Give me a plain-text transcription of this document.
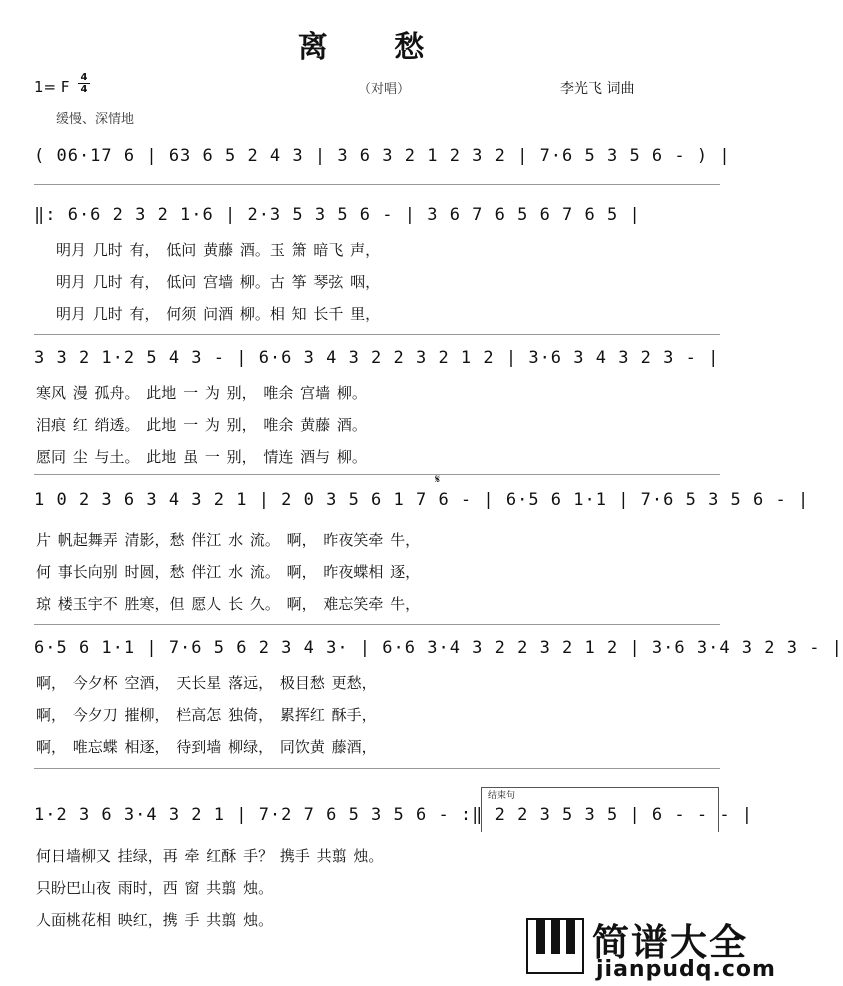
离 愁
1= F
4
4	（对唱）	李光飞 词曲
缓慢、深情地
( 06·17 6 | 63 6 5 2 4 3 | 3 6 3 2 1 2 3 2 | 7·6 5 3 5 6 - ) |
‖: 6·6 2 3 2 1·6 | 2·3 5 3 5 6 - | 3 6 7 6 5 6 7 6 5 |
明月 几时 有， 低问 黄藤 酒。玉 箫 暗飞 声，
明月 几时 有， 低问 宫墙 柳。古 筝 琴弦 咽，
明月 几时 有， 何须 问酒 柳。相 知 长千 里，
3 3 2 1·2 5 4 3 - | 6·6 3 4 3 2 2 3 2 1 2 | 3·6 3 4 3 2 3 - |
寒风 漫 孤舟。 此地 一 为 别， 唯余 宫墙 柳。
泪痕 红 绡透。 此地 一 为 别， 唯余 黄藤 酒。
愿同 尘 与土。 此地 虽 一 别， 情连 酒与 柳。
𝄋
1 0 2 3 6 3 4 3 2 1 | 2 0 3 5 6 1 7 6 - | 6·5 6 1·1 | 7·6 5 3 5 6 - |
片 帆起舞弄 清影，愁 伴江 水 流。 啊， 昨夜笑牵 牛，
何 事长向别 时圆，愁 伴江 水 流。 啊， 昨夜蝶相 逐，
琼 楼玉宇不 胜寒，但 愿人 长 久。 啊， 难忘笑牵 牛，
6·5 6 1·1 | 7·6 5 6 2 3 4 3· | 6·6 3·4 3 2 2 3 2 1 2 | 3·6 3·4 3 2 3 - |
啊， 今夕杯 空酒， 天长星 落远， 极目愁 更愁，
啊， 今夕刀 摧柳， 栏高怎 独倚， 累挥红 酥手，
啊， 唯忘蝶 相逐， 待到墙 柳绿， 同饮黄 藤酒，
结束句
1·2 3 6 3·4 3 2 1 | 7·2 7 6 5 3 5 6 - :‖ 2 2 3 5 3 5 | 6 - - - |
何日墙柳又 挂绿，再 牵 红酥 手？ 携手 共翦 烛。
只盼巴山夜 雨时，西 窗 共翦 烛。
人面桃花相 映红，携 手 共翦 烛。
简谱大全
jianpudq.com
